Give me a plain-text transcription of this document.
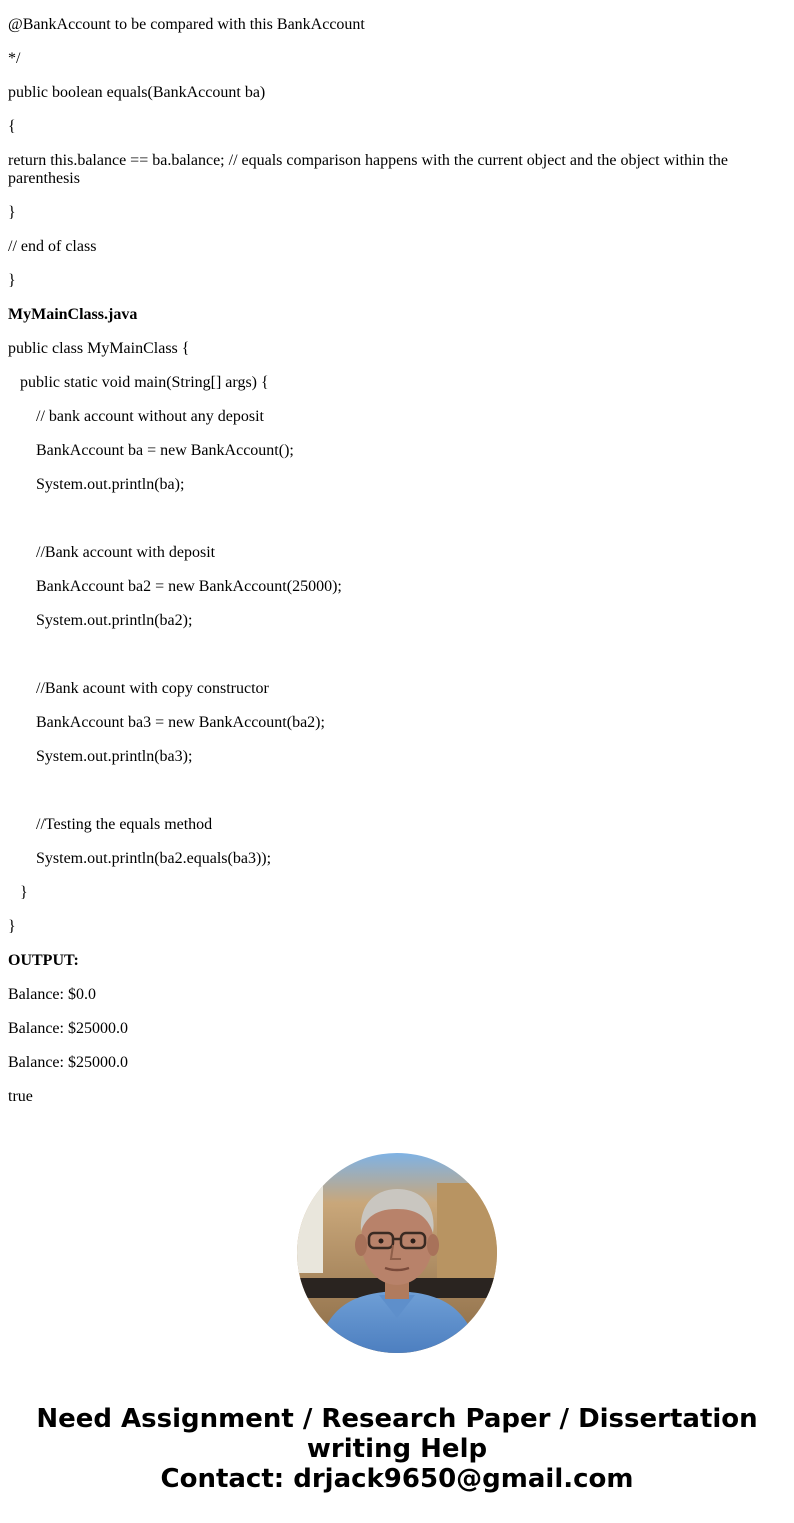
@BankAccount to be compared with this BankAccount

*/

public boolean equals(BankAccount ba)

{

return this.balance == ba.balance; // equals comparison happens with the current object and the object within the parenthesis

}

// end of class

}

MyMainClass.java

public class MyMainClass {

public static void main(String[] args) {

// bank account without any deposit

BankAccount ba = new BankAccount();

System.out.println(ba);

//Bank account with deposit

BankAccount ba2 = new BankAccount(25000);

System.out.println(ba2);

//Bank acount with copy constructor

BankAccount ba3 = new BankAccount(ba2);

System.out.println(ba3);

//Testing the equals method

System.out.println(ba2.equals(ba3));

}

}

OUTPUT:

Balance: $0.0

Balance: $25000.0

Balance: $25000.0

true

Need Assignment / Research Paper / Dissertation
writing Help
Contact: drjack9650@gmail.com
